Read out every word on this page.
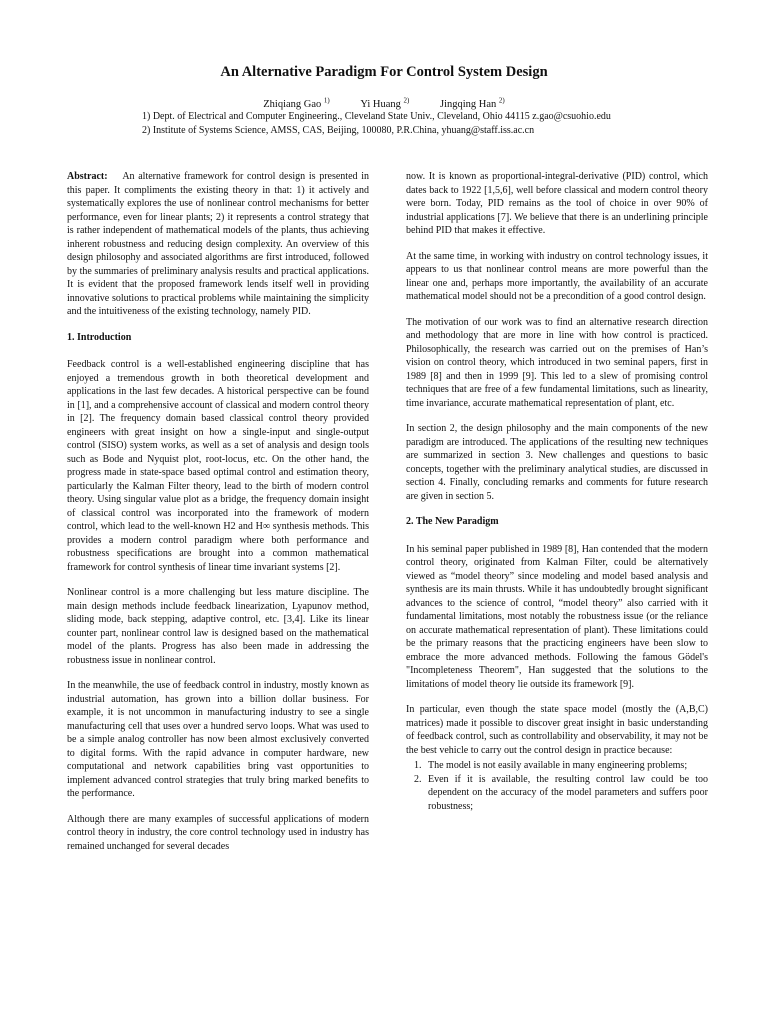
An Alternative Paradigm For Control System Design
Zhiqiang Gao $^{1)}$	Yi Huang $^{2)}$	Jingqing Han $^{2)}$
1) Dept. of Electrical and Computer Engineering., Cleveland State Univ., Cleveland, Ohio 44115 z.gao@csuohio.edu
2) Institute of Systems Science, AMSS, CAS, Beijing, 100080, P.R.China, yhuang@staff.iss.ac.cn

Abstract: An alternative framework for control design is presented in this paper. It compliments the existing theory in that: 1) it actively and systematically explores the use of nonlinear control mechanisms for better performance, even for linear plants; 2) it represents a control strategy that is rather independent of mathematical models of the plants, thus achieving inherent robustness and reducing design complexity. An overview of this design philosophy and associated algorithms are first introduced, followed by the summaries of preliminary analysis results and practical applications. It is evident that the proposed framework lends itself well in providing innovative solutions to practical problems while maintaining the simplicity and the intuitiveness of the existing technology, namely PID.

1. Introduction

Feedback control is a well-established engineering discipline that has enjoyed a tremendous growth in both theoretical development and applications in the last few decades. A historical perspective can be found in [1], and a comprehensive account of classical and modern control theory in [2]. The frequency domain based classical control theory provided engineers with great insight on how a single-input and single-output control (SISO) system works, as well as a set of analysis and design tools such as Bode and Nyquist plot, root-locus, etc. On the other hand, the progress made in state-space based optimal control and estimation theory, particularly the Kalman Filter theory, lead to the birth of modern control theory. Using singular value plot as a bridge, the frequency domain insight of classical control was incorporated into the framework of modern control, which lead to the well-known H2 and H∞ synthesis methods. This provides a modern control paradigm where both performance and robustness specifications are brought into a common mathematical framework for control synthesis of linear time invariant systems [2].

Nonlinear control is a more challenging but less mature discipline. The main design methods include feedback linearization, Lyapunov method, sliding mode, back stepping, adaptive control, etc. [3,4]. Like its linear counter part, nonlinear control law is designed based on the mathematical model of the plants. Progress has also been made in addressing the robustness issue in nonlinear control.

In the meanwhile, the use of feedback control in industry, mostly known as industrial automation, has grown into a billion dollar business. For example, it is not uncommon in manufacturing industry to see a single manufacturing cell that uses over a hundred servo loops. What was used to be a simple analog controller has now been almost exclusively converted to digital forms. With the rapid advance in computer hardware, new computational and network capabilities bring vast opportunities to implement advanced control strategies that truly bring marked benefits to the performance.

Although there are many examples of successful applications of modern control theory in industry, the core control technology used in industry has remained unchanged for several decades

now. It is known as proportional-integral-derivative (PID) control, which dates back to 1922 [1,5,6], well before classical and modern control theory were born. Today, PID remains as the tool of choice in over 90% of industrial applications [7]. We believe that there is an underlining principle behind PID that makes it effective.

At the same time, in working with industry on control technology issues, it appears to us that nonlinear control means are more powerful than the linear one and, perhaps more importantly, the availability of an accurate mathematical model should not be a precondition of a good control design.

The motivation of our work was to find an alternative research direction and methodology that are more in line with how control is practiced. Philosophically, the research was carried out on the premises of Han’s vision on control theory, which introduced in two seminal papers, first in 1989 [8] and then in 1999 [9]. This led to a slew of promising control techniques that are free of a few fundamental limitations, such as linearity, time invariance, accurate mathematical representation of plant, etc.

In section 2, the design philosophy and the main components of the new paradigm are introduced. The applications of the resulting new techniques are summarized in section 3. New challenges and questions to basic concepts, together with the preliminary analytical studies, are discussed in section 4. Finally, concluding remarks and comments for future research are given in section 5.

2. The New Paradigm

In his seminal paper published in 1989 [8], Han contended that the modern control theory, originated from Kalman Filter, could be alternatively viewed as “model theory” since modeling and model based analysis and synthesis are its main thrusts. While it has undoubtedly brought significant advances to the science of control, “model theory” also carried with it fundamental limitations, most notably the robustness issue (or the reliance on accurate mathematical representation of plant). These limitations could be the primary reasons that the practicing engineers have been slow to embrace the more advanced methods. Following the famous Gödel's "Incompleteness Theorem", Han suggested that the solutions to the limitations of model theory lie outside its framework [9].

In particular, even though the state space model (mostly the (A,B,C) matrices) made it possible to discover great insight in basic understanding of feedback control, such as controllability and observability, it may not be the best vehicle to carry out the control design in practice because:

1. The model is not easily available in many engineering problems;
2. Even if it is available, the resulting control law could be too dependent on the accuracy of the model parameters and suffers poor robustness;
